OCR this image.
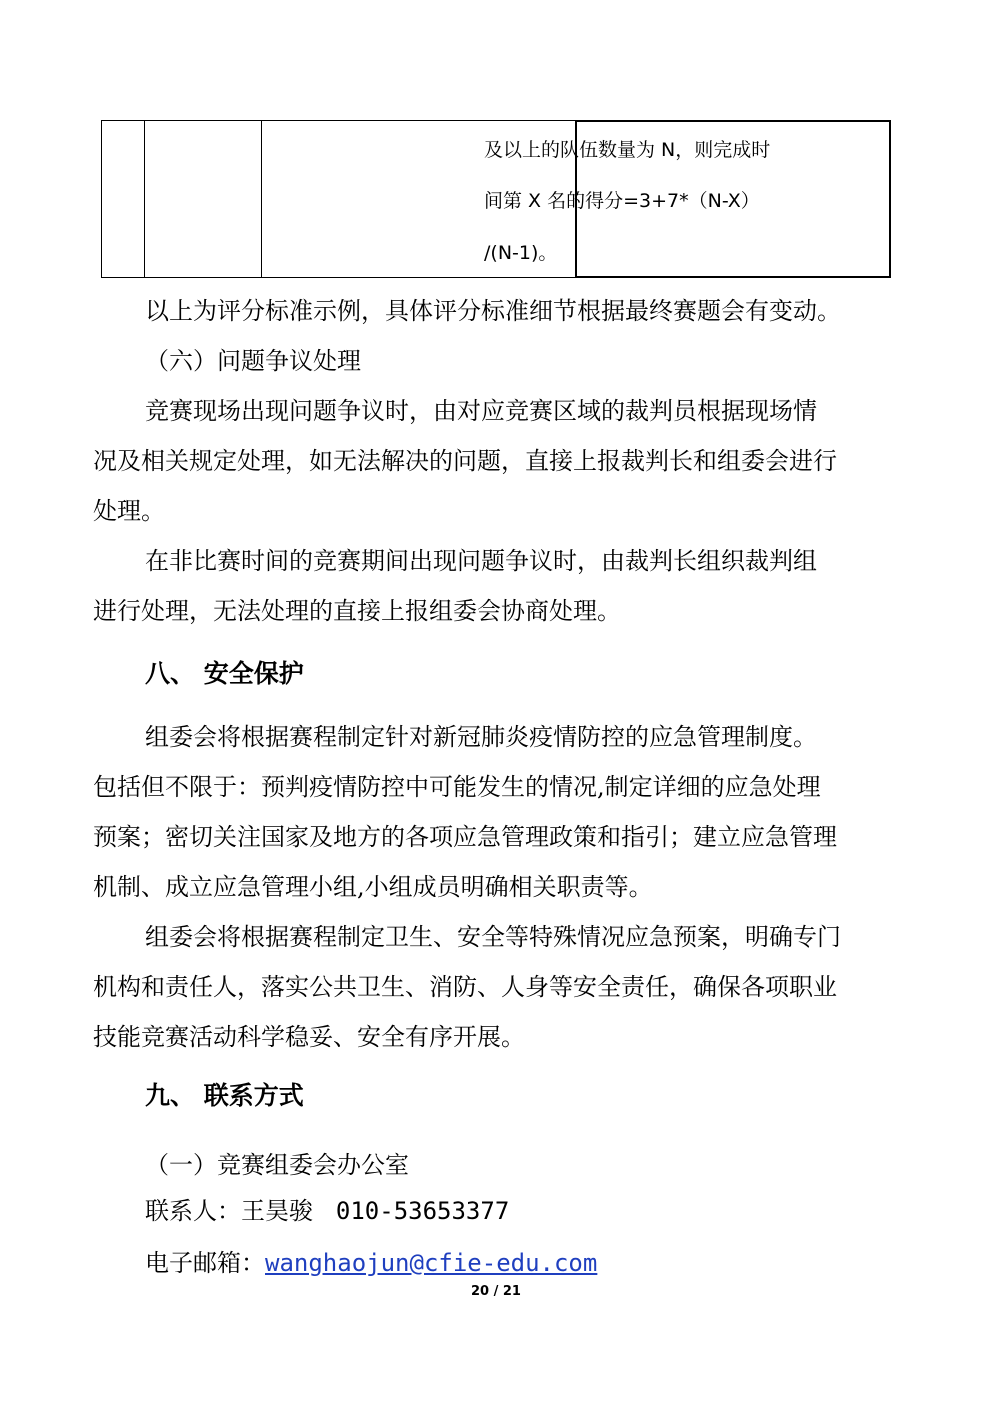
及以上的队伍数量为 N，则完成时
间第 X 名的得分=3+7*（N-X）
/(N-1)。
以上为评分标准示例，具体评分标准细节根据最终赛题会有变动。
（六）问题争议处理
竞赛现场出现问题争议时，由对应竞赛区域的裁判员根据现场情
况及相关规定处理，如无法解决的问题，直接上报裁判长和组委会进行
处理。
在非比赛时间的竞赛期间出现问题争议时，由裁判长组织裁判组
进行处理，无法处理的直接上报组委会协商处理。
八、 安全保护
组委会将根据赛程制定针对新冠肺炎疫情防控的应急管理制度。
包括但不限于：预判疫情防控中可能发生的情况,制定详细的应急处理
预案；密切关注国家及地方的各项应急管理政策和指引；建立应急管理
机制、成立应急管理小组,小组成员明确相关职责等。
组委会将根据赛程制定卫生、安全等特殊情况应急预案，明确专门
机构和责任人，落实公共卫生、消防、人身等安全责任，确保各项职业
技能竞赛活动科学稳妥、安全有序开展。
九、 联系方式
（一）竞赛组委会办公室
联系人：王昊骏 010-53653377
电子邮箱：wanghaojun@cfie-edu.com
20 / 21
